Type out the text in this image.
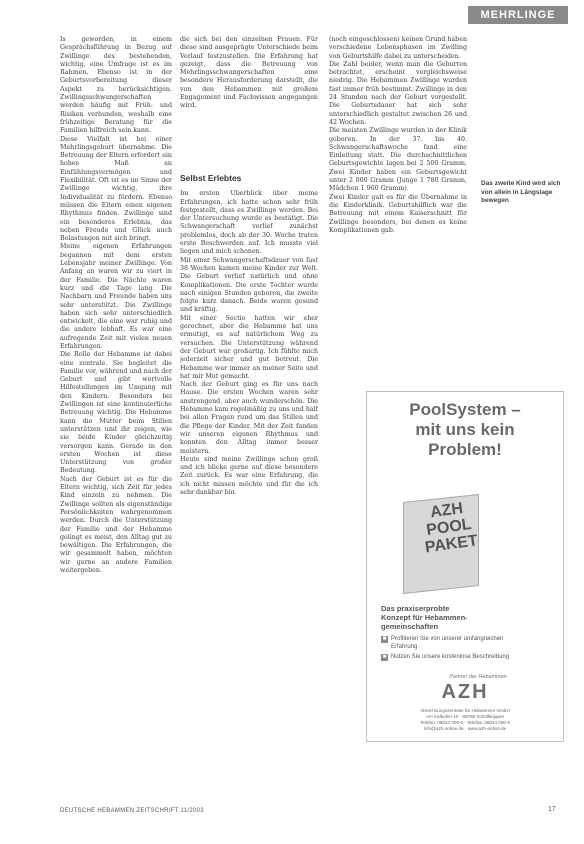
MEHRLINGE

Is geworden, in einem Gesprächsführung in Bezug auf Zwillinge des bestehenden, wichtig, eine Umfrage ist es im Rahmen. Ebenso ist in der Geburtsvorbereitung dieser Aspekt zu berücksichtigen. Zwillingsschwangerschaften werden häufig mit Früh- und Risiken verbunden, weshalb eine frühzeitige Beratung für die Familien hilfreich sein kann.

Diese Vielfalt ist bei einer Mehrlingsgeburt übernahme. Die Betreuung der Eltern erfordert ein hohes Maß an Einfühlungsvermögen und Flexibilität. Oft ist es im Sinne der Zwillinge wichtig, ihre Individualität zu fördern. Ebenso müssen die Eltern einen eigenen Rhythmus finden. Zwillinge sind ein besonderes Erlebnis, das neben Freude und Glück auch Belastungen mit sich bringt.

Meine eigenen Erfahrungen begannen mit dem ersten Lebensjahr meiner Zwillinge. Von Anfang an waren wir zu viert in der Familie. Die Nächte waren kurz und die Tage lang. Die Nachbarn und Freunde haben uns sehr unterstützt. Die Zwillinge haben sich sehr unterschiedlich entwickelt, die eine war ruhig und die andere lebhaft. Es war eine aufregende Zeit mit vielen neuen Erfahrungen.

Die Rolle der Hebamme ist dabei eine zentrale. Sie begleitet die Familie vor, während und nach der Geburt und gibt wertvolle Hilfestellungen im Umgang mit den Kindern. Besonders bei Zwillingen ist eine kontinuierliche Betreuung wichtig. Die Hebamme kann die Mutter beim Stillen unterstützen und ihr zeigen, wie sie beide Kinder gleichzeitig versorgen kann. Gerade in den ersten Wochen ist diese Unterstützung von großer Bedeutung.

Nach der Geburt ist es für die Eltern wichtig, sich Zeit für jedes Kind einzeln zu nehmen. Die Zwillinge sollten als eigenständige Persönlichkeiten wahrgenommen werden. Durch die Unterstützung der Familie und der Hebamme gelingt es meist, den Alltag gut zu bewältigen. Die Erfahrungen, die wir gesammelt haben, möchten wir gerne an andere Familien weitergeben.

die sich bei den einzelnen Frauen. Für diese sind ausgeprägte Unterschiede beim Verlauf festzustellen. Die Erfahrung hat gezeigt, dass die Betreuung von Mehrlingsschwangerschaften eine besondere Herausforderung darstellt, die von den Hebammen mit großem Engagement und Fachwissen angegangen wird.

Selbst Erlebtes

Im ersten Überblick über meine Erfahrungen, ich hatte schon sehr früh festgestellt, dass es Zwillinge werden. Bei der Untersuchung wurde es bestätigt. Die Schwangerschaft verlief zunächst problemlos, doch ab der 30. Woche traten erste Beschwerden auf. Ich musste viel liegen und mich schonen.

Mit einer Schwangerschaftsdauer von fast 38 Wochen kamen meine Kinder zur Welt. Die Geburt verlief natürlich und ohne Komplikationen. Die erste Tochter wurde nach einigen Stunden geboren, die zweite folgte kurz danach. Beide waren gesund und kräftig.

Mit einer Sectio hatten wir eher gerechnet, aber die Hebamme hat uns ermutigt, es auf natürlichem Weg zu versuchen. Die Unterstützung während der Geburt war großartig. Ich fühlte mich jederzeit sicher und gut betreut. Die Hebamme war immer an meiner Seite und hat mir Mut gemacht.

Nach der Geburt ging es für uns nach Hause. Die ersten Wochen waren sehr anstrengend, aber auch wunderschön. Die Hebamme kam regelmäßig zu uns und half bei allen Fragen rund um das Stillen und die Pflege der Kinder. Mit der Zeit fanden wir unseren eigenen Rhythmus und konnten den Alltag immer besser meistern.

Heute sind meine Zwillinge schon groß und ich blicke gerne auf diese besondere Zeit zurück. Es war eine Erfahrung, die ich nicht missen möchte und für die ich sehr dankbar bin.

(noch eingeschlossen) keinen Grund haben verschiedene Lebensphasen im Zwilling von Geburtshilfe dabei zu unterscheiden.

Die Zahl beider, wenn man die Geburten betrachtet, erscheint vergleichsweise niedrig. Die Hebammen Zwillinge wurden fast immer früh bestimmt. Zwillinge in den 24 Stunden nach der Geburt vorgestellt. Die Geburtsdauer hat sich sehr unterschiedlich gestaltet zwischen 26 und 42 Wochen.

Die meisten Zwillinge wurden in der Klinik geboren. In der 37. bis 40. Schwangerschaftswoche fand eine Einleitung statt. Die durchschnittlichen Geburtsgewichte lagen bei 2 500 Gramm. Zwei Kinder haben ein Geburtsgewicht unter 2 000 Gramm (Junge 1 780 Gramm, Mädchen 1 960 Gramm).

Zwei Kinder galt es für die Übernahme in die Kinderklinik. Geburtshilflich war die Betreuung mit einem Kaiserschnitt für Zwillinge besonders, bei denen es keine Komplikationen gab.

Das zweite Kind wird sich von allein in Längslage bewegen
PoolSystem –
mit uns kein
Problem!
AZH
POOL
PAKET
Das praxiserprobte
Konzept für Hebammen-
gemeinschaften
■ Profitieren Sie von unserer umfangreichen Erfahrung
■ Nutzen Sie unsere kostenlose Beschreibung
Partner der Hebammen
AZH
Abrechnungszentrale für Hebammen GmbH
Am Kalkofen 10 · 65780 Schöllkrippen
Telefon: 06024 000-0 · Telefax: 06024 000-0
info@azh-online.de · www.azh-online.de
DEUTSCHE HEBAMMEN ZEITSCHRIFT 11/2003	17
